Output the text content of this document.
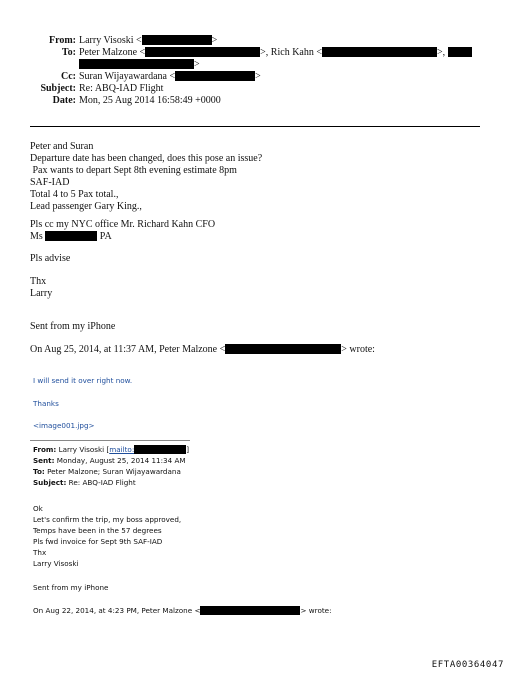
From: Larry Visoski <	>
To: Peter Malzone <	>, Rich Kahn <	>,
>
Cc: Suran Wijayawardana <	>
Subject: Re: ABQ-IAD Flight
Date: Mon, 25 Aug 2014 16:58:49 +0000
Peter and Suran
Departure date has been changed, does this pose an issue?
Pax wants to depart Sept 8th evening estimate 8pm
SAF-IAD
Total 4 to 5 Pax total.,
Lead passenger Gary King.,
Pls cc my NYC office Mr. Richard Kahn CFO
Ms	PA
Pls advise
Thx
Larry
Sent from my iPhone
On Aug 25, 2014, at 11:37 AM, Peter Malzone <	> wrote:
I will send it over right now.
Thanks
<image001.jpg>
From: Larry Visoski [mailto:	]
Sent: Monday, August 25, 2014 11:34 AM
To: Peter Malzone; Suran Wijayawardana
Subject: Re: ABQ-IAD Flight
Ok
Let's confirm the trip, my boss approved,
Temps have been in the 57 degrees
Pls fwd invoice for Sept 9th SAF-IAD
Thx
Larry Visoski
Sent from my iPhone
On Aug 22, 2014, at 4:23 PM, Peter Malzone <	> wrote:
EFTA00364047
